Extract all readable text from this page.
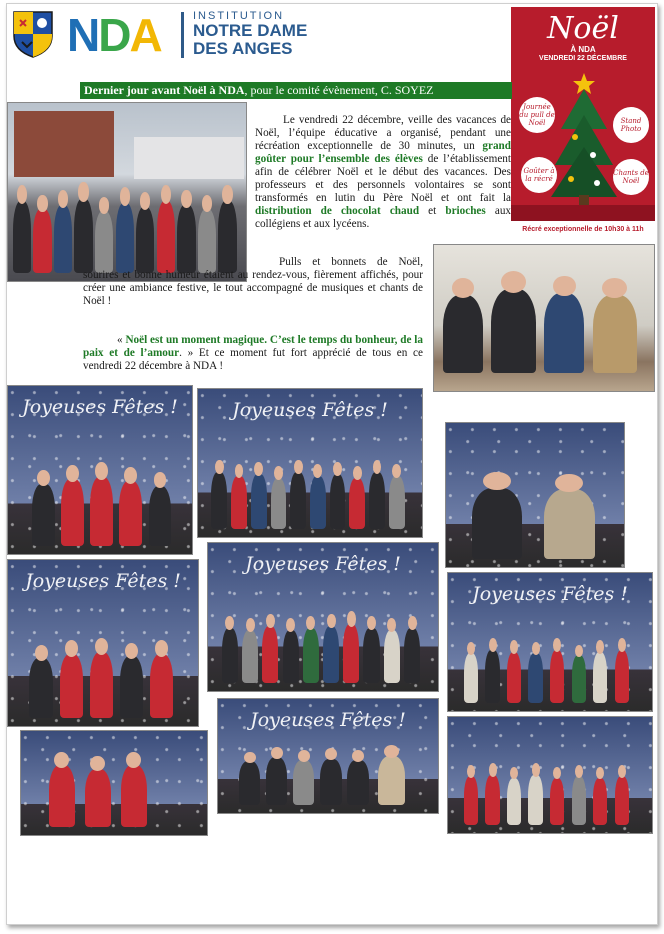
NDA	INSTITUTION
NOTRE DAME
DES ANGES
Noël
À NDA
VENDREDI 22 DÉCEMBRE
Journée du pull de Noël	Stand Photo
Goûter à la récré
Chants de Noël
Récré exceptionnelle de 10h30 à 11h
Dernier jour avant Noël à NDA, pour le comité évènement, C. SOYEZ
Le vendredi 22 décembre, veille des vacances de Noël, l’équipe éducative a organisé, pendant une récréation exceptionnelle de 30 minutes, un grand goûter pour l’ensemble des élèves de l’établissement afin de célébrer Noël et le début des vacances. Des professeurs et des personnels volontaires se sont transformés en lutin du Père Noël et ont fait la distribution de chocolat chaud et brioches aux collégiens et aux lycéens.
Pulls et bonnets de Noël, sourires et bonne humeur étaient au rendez-vous, fièrement affichés, pour créer une ambiance festive, le tout accompagné de musiques et chants de Noël !
« Noël est un moment magique. C’est le temps du bonheur, de la paix et de l’amour. » Et ce moment fut fort apprécié de tous en ce vendredi 22 décembre à NDA !
Joyeuses Fêtes !	Joyeuses Fêtes !
Joyeuses Fêtes !
Joyeuses Fêtes !
Joyeuses Fêtes !
Joyeuses Fêtes !
